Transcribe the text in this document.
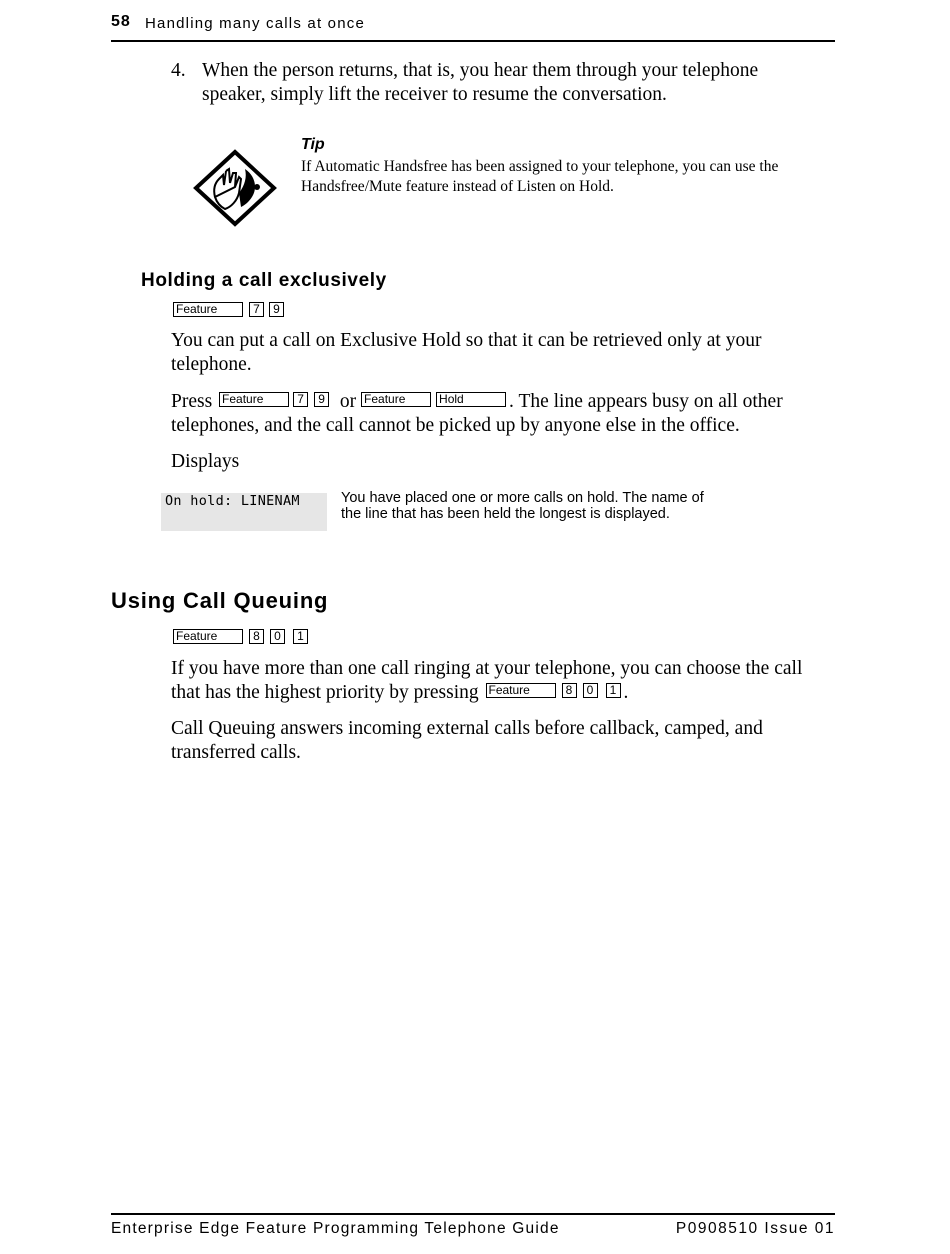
58 Handling many calls at once
4. When the person returns, that is, you hear them through your telephone speaker, simply lift the receiver to resume the conversation.
Tip
If Automatic Handsfree has been assigned to your telephone, you can use the Handsfree/Mute feature instead of Listen on Hold.
Holding a call exclusively
Feature	7	9
You can put a call on Exclusive Hold so that it can be retrieved only at your telephone.
Press Feature	7	9 or Feature	Hold	. The line appears busy on all other telephones, and the call cannot be picked up by anyone else in the office.
Displays
On hold: LINENAM	You have placed one or more calls on hold. The name of the line that has been held the longest is displayed.
Using Call Queuing
Feature	8	0	1
If you have more than one call ringing at your telephone, you can choose the call that has the highest priority by pressing Feature	8	0	1 .
Call Queuing answers incoming external calls before callback, camped, and transferred calls.
Enterprise Edge Feature Programming Telephone Guide	P0908510 Issue 01
